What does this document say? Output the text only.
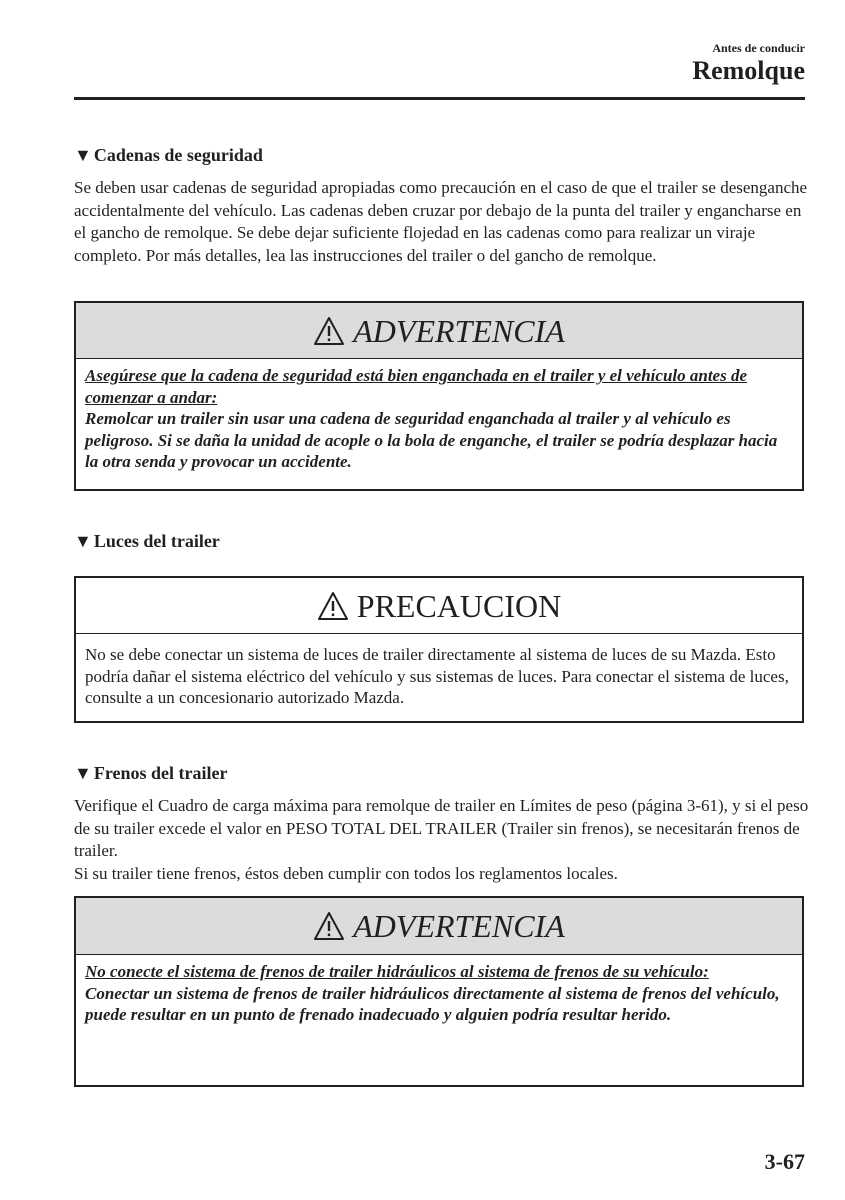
Antes de conducir
Remolque
▼ Cadenas de seguridad

Se deben usar cadenas de seguridad apropiadas como precaución en el caso de que el trailer se desenganche accidentalmente del vehículo. Las cadenas deben cruzar por debajo de la punta del trailer y engancharse en el gancho de remolque. Se debe dejar suficiente flojedad en las cadenas como para realizar un viraje completo. Por más detalles, lea las instrucciones del trailer o del gancho de remolque.

ADVERTENCIA

Asegúrese que la cadena de seguridad está bien enganchada en el trailer y el vehículo antes de comenzar a andar:

Remolcar un trailer sin usar una cadena de seguridad enganchada al trailer y al vehículo es peligroso. Si se daña la unidad de acople o la bola de enganche, el trailer se podría desplazar hacia la otra senda y provocar un accidente.

▼ Luces del trailer
PRECAUCION

No se debe conectar un sistema de luces de trailer directamente al sistema de luces de su Mazda. Esto podría dañar el sistema eléctrico del vehículo y sus sistemas de luces. Para conectar el sistema de luces, consulte a un concesionario autorizado Mazda.

▼ Frenos del trailer

Verifique el Cuadro de carga máxima para remolque de trailer en Límites de peso (página 3-61), y si el peso de su trailer excede el valor en PESO TOTAL DEL TRAILER (Trailer sin frenos), se necesitarán frenos de trailer.

Si su trailer tiene frenos, éstos deben cumplir con todos los reglamentos locales.

ADVERTENCIA

No conecte el sistema de frenos de trailer hidráulicos al sistema de frenos de su vehículo:

Conectar un sistema de frenos de trailer hidráulicos directamente al sistema de frenos del vehículo, puede resultar en un punto de frenado inadecuado y alguien podría resultar herido.

3-67
